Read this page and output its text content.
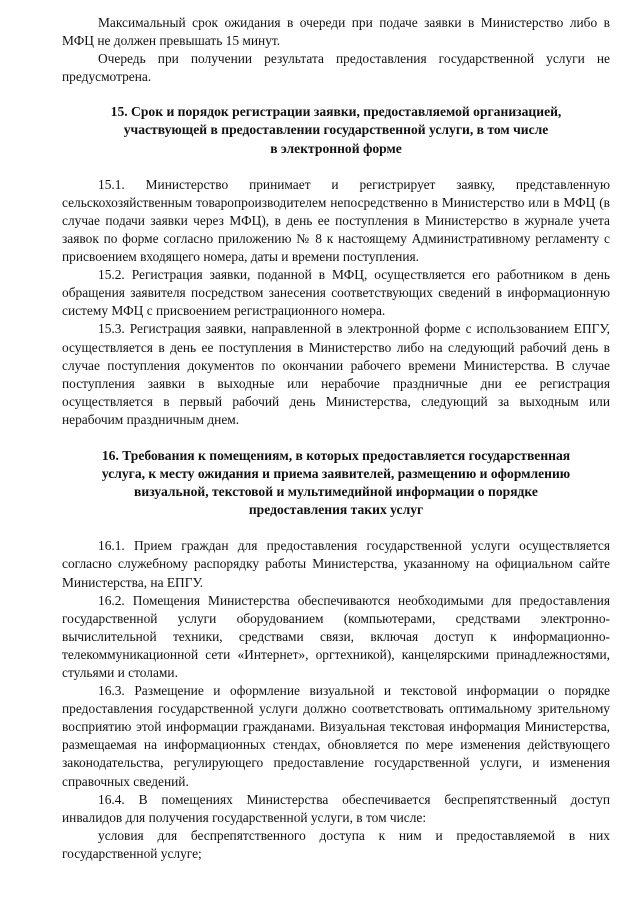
Максимальный срок ожидания в очереди при подаче заявки в Министерство либо в МФЦ не должен превышать 15 минут.

Очередь при получении результата предоставления государственной услуги не предусмотрена.

15. Срок и порядок регистрации заявки, предоставляемой организацией,
участвующей в предоставлении государственной услуги, в том числе
в электронной форме

15.1. Министерство принимает и регистрирует заявку, представленную сельскохозяйственным товаропроизводителем непосредственно в Министерство или в МФЦ (в случае подачи заявки через МФЦ), в день ее поступления в Министерство в журнале учета заявок по форме согласно приложению № 8 к настоящему Административному регламенту с присвоением входящего номера, даты и времени поступления.

15.2. Регистрация заявки, поданной в МФЦ, осуществляется его работником в день обращения заявителя посредством занесения соответствующих сведений в информационную систему МФЦ с присвоением регистрационного номера.

15.3. Регистрация заявки, направленной в электронной форме с использованием ЕПГУ, осуществляется в день ее поступления в Министерство либо на следующий рабочий день в случае поступления документов по окончании рабочего времени Министерства. В случае поступления заявки в выходные или нерабочие праздничные дни ее регистрация осуществляется в первый рабочий день Министерства, следующий за выходным или нерабочим праздничным днем.

16. Требования к помещениям, в которых предоставляется государственная
услуга, к месту ожидания и приема заявителей, размещению и оформлению
визуальной, текстовой и мультимедийной информации о порядке
предоставления таких услуг

16.1. Прием граждан для предоставления государственной услуги осуществляется согласно служебному распорядку работы Министерства, указанному на официальном сайте Министерства, на ЕПГУ.

16.2. Помещения Министерства обеспечиваются необходимыми для предоставления государственной услуги оборудованием (компьютерами, средствами электронно-вычислительной техники, средствами связи, включая доступ к информационно-телекоммуникационной сети «Интернет», оргтехникой), канцелярскими принадлежностями, стульями и столами.

16.3. Размещение и оформление визуальной и текстовой информации о порядке предоставления государственной услуги должно соответствовать оптимальному зрительному восприятию этой информации гражданами. Визуальная текстовая информация Министерства, размещаемая на информационных стендах, обновляется по мере изменения действующего законодательства, регулирующего предоставление государственной услуги, и изменения справочных сведений.

16.4. В помещениях Министерства обеспечивается беспрепятственный доступ инвалидов для получения государственной услуги, в том числе:

условия для беспрепятственного доступа к ним и предоставляемой в них государственной услуге;
